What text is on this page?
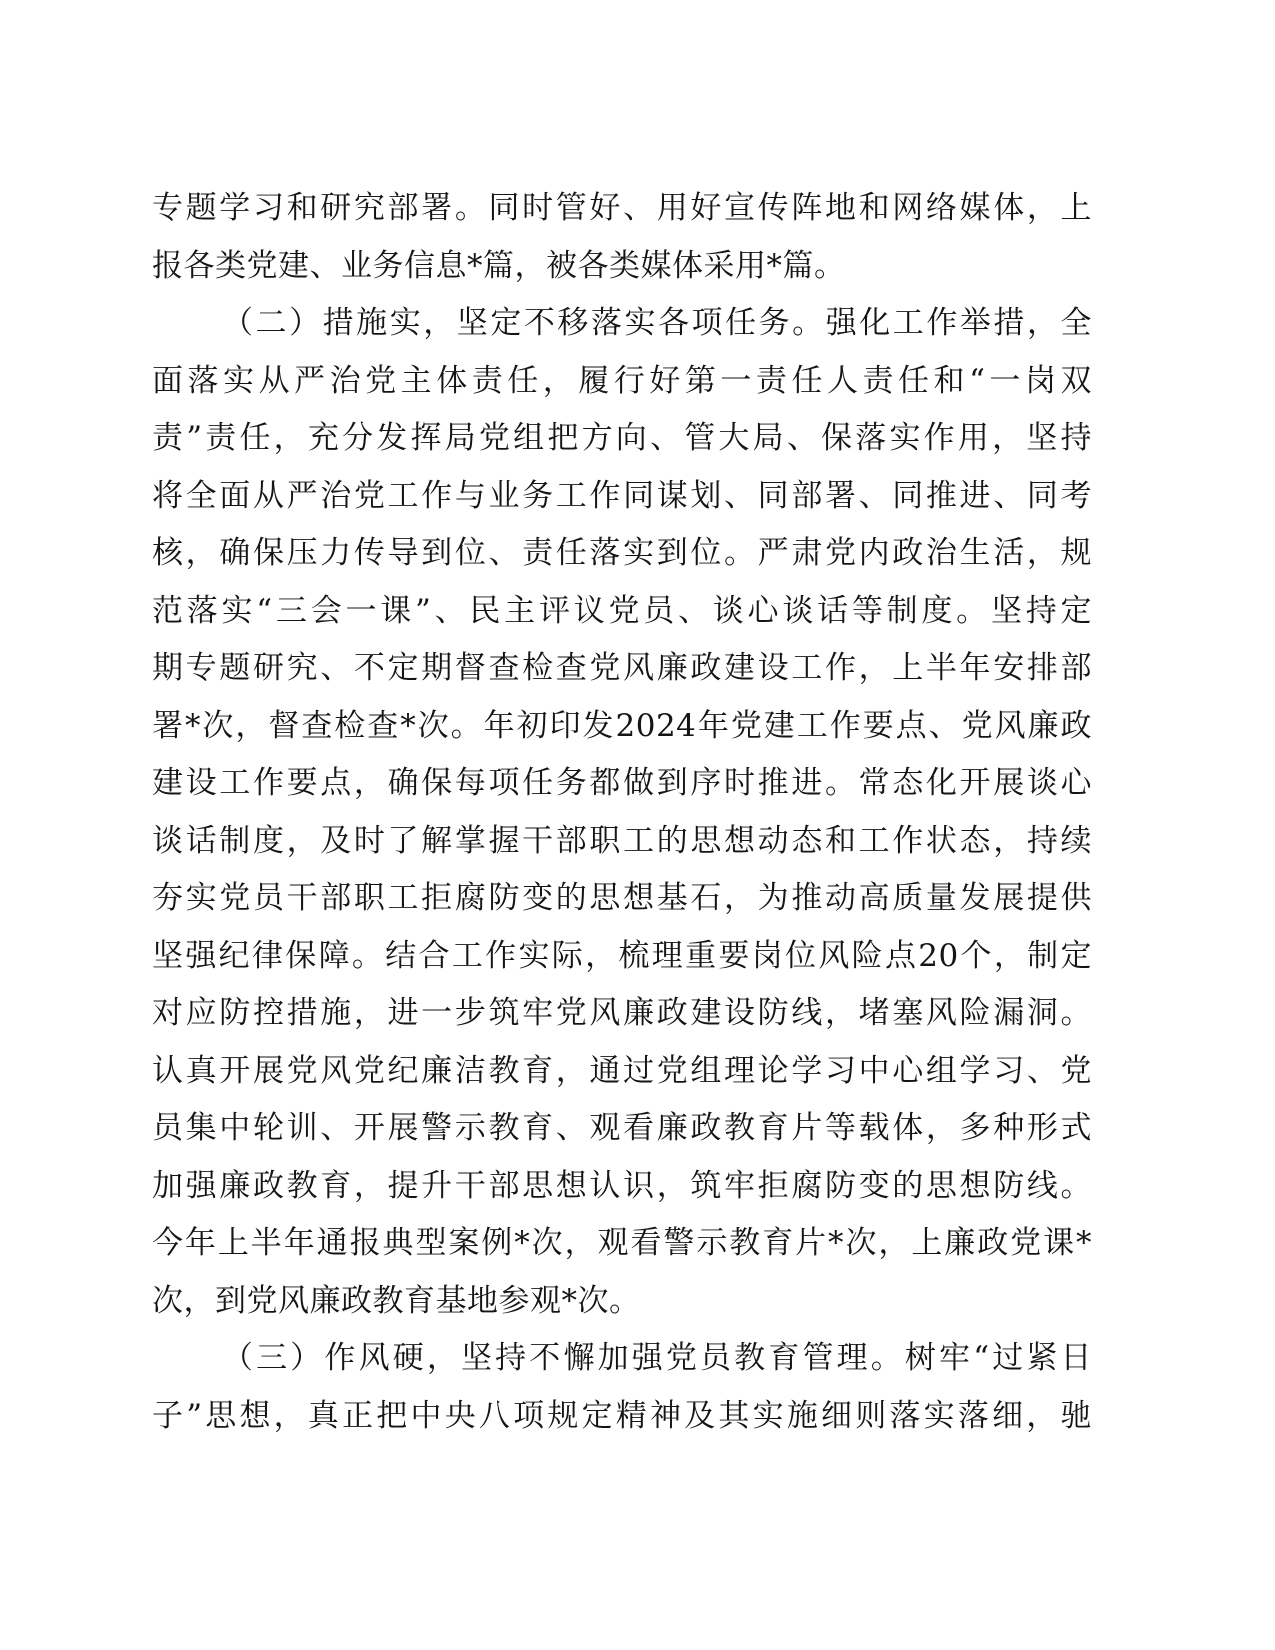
专题学习和研究部署。同时管好、用好宣传阵地和网络媒体，上
报各类党建、业务信息*篇，被各类媒体采用*篇。
（二）措施实，坚定不移落实各项任务。强化工作举措，全
面落实从严治党主体责任，履行好第一责任人责任和“一岗双
责”责任，充分发挥局党组把方向、管大局、保落实作用，坚持
将全面从严治党工作与业务工作同谋划、同部署、同推进、同考
核，确保压力传导到位、责任落实到位。严肃党内政治生活，规
范落实“三会一课”、民主评议党员、谈心谈话等制度。坚持定
期专题研究、不定期督查检查党风廉政建设工作，上半年安排部
署*次，督查检查*次。年初印发2024年党建工作要点、党风廉政
建设工作要点，确保每项任务都做到序时推进。常态化开展谈心
谈话制度，及时了解掌握干部职工的思想动态和工作状态，持续
夯实党员干部职工拒腐防变的思想基石，为推动高质量发展提供
坚强纪律保障。结合工作实际，梳理重要岗位风险点20个，制定
对应防控措施，进一步筑牢党风廉政建设防线，堵塞风险漏洞。
认真开展党风党纪廉洁教育，通过党组理论学习中心组学习、党
员集中轮训、开展警示教育、观看廉政教育片等载体，多种形式
加强廉政教育，提升干部思想认识，筑牢拒腐防变的思想防线。
今年上半年通报典型案例*次，观看警示教育片*次，上廉政党课*
次，到党风廉政教育基地参观*次。
（三）作风硬，坚持不懈加强党员教育管理。树牢“过紧日
子”思想，真正把中央八项规定精神及其实施细则落实落细，驰
